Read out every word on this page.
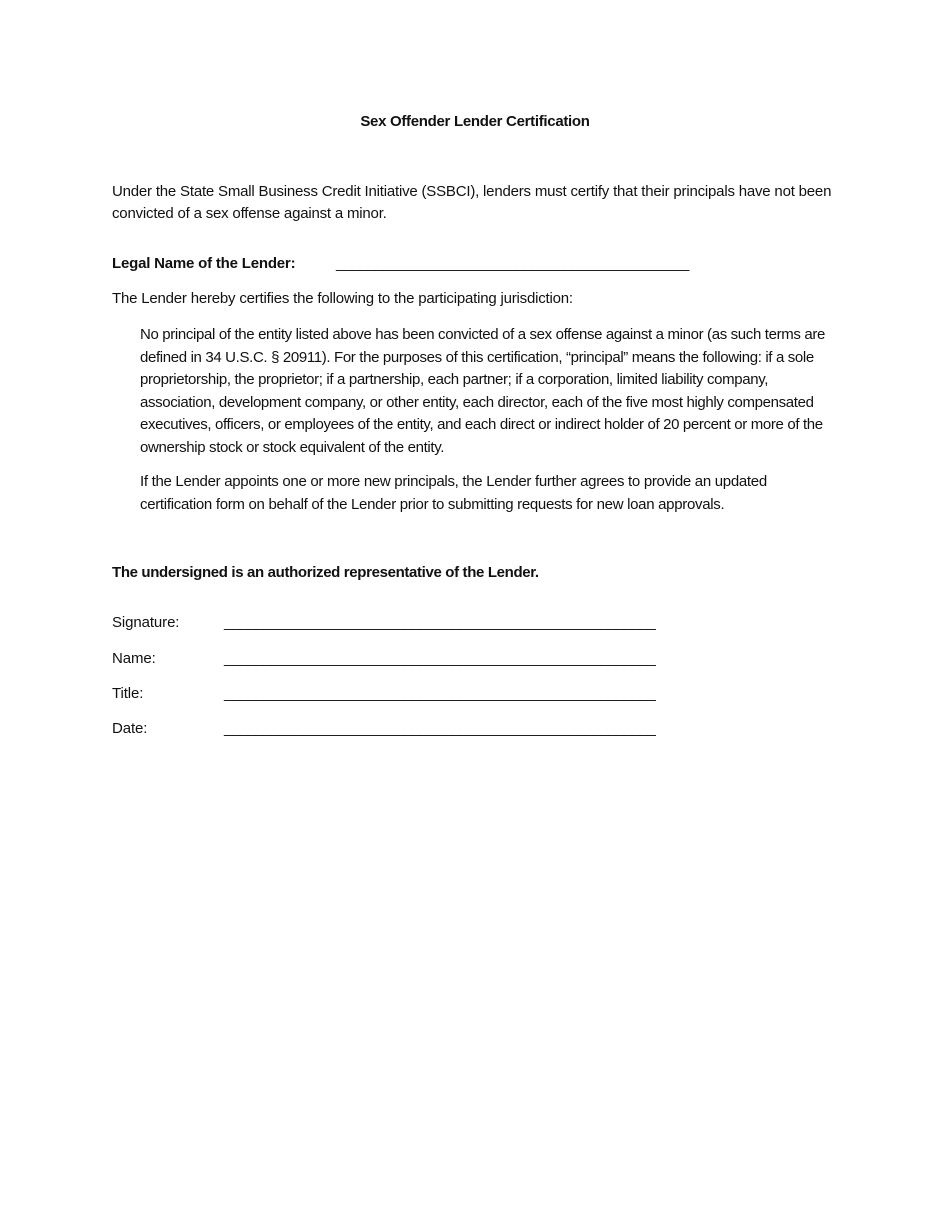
Sex Offender Lender Certification
Under the State Small Business Credit Initiative (SSBCI), lenders must certify that their principals have not been convicted of a sex offense against a minor.
Legal Name of the Lender:	_____________________________________________
The Lender hereby certifies the following to the participating jurisdiction:
No principal of the entity listed above has been convicted of a sex offense against a minor (as such terms are defined in 34 U.S.C. § 20911). For the purposes of this certification, “principal” means the following: if a sole proprietorship, the proprietor; if a partnership, each partner; if a corporation, limited liability company, association, development company, or other entity, each director, each of the five most highly compensated executives, officers, or employees of the entity, and each direct or indirect holder of 20 percent or more of the ownership stock or stock equivalent of the entity.
If the Lender appoints one or more new principals, the Lender further agrees to provide an updated certification form on behalf of the Lender prior to submitting requests for new loan approvals.
The undersigned is an authorized representative of the Lender.
Signature:	_______________________________________________________
Name:	_______________________________________________________
Title:	_______________________________________________________
Date:	_______________________________________________________
